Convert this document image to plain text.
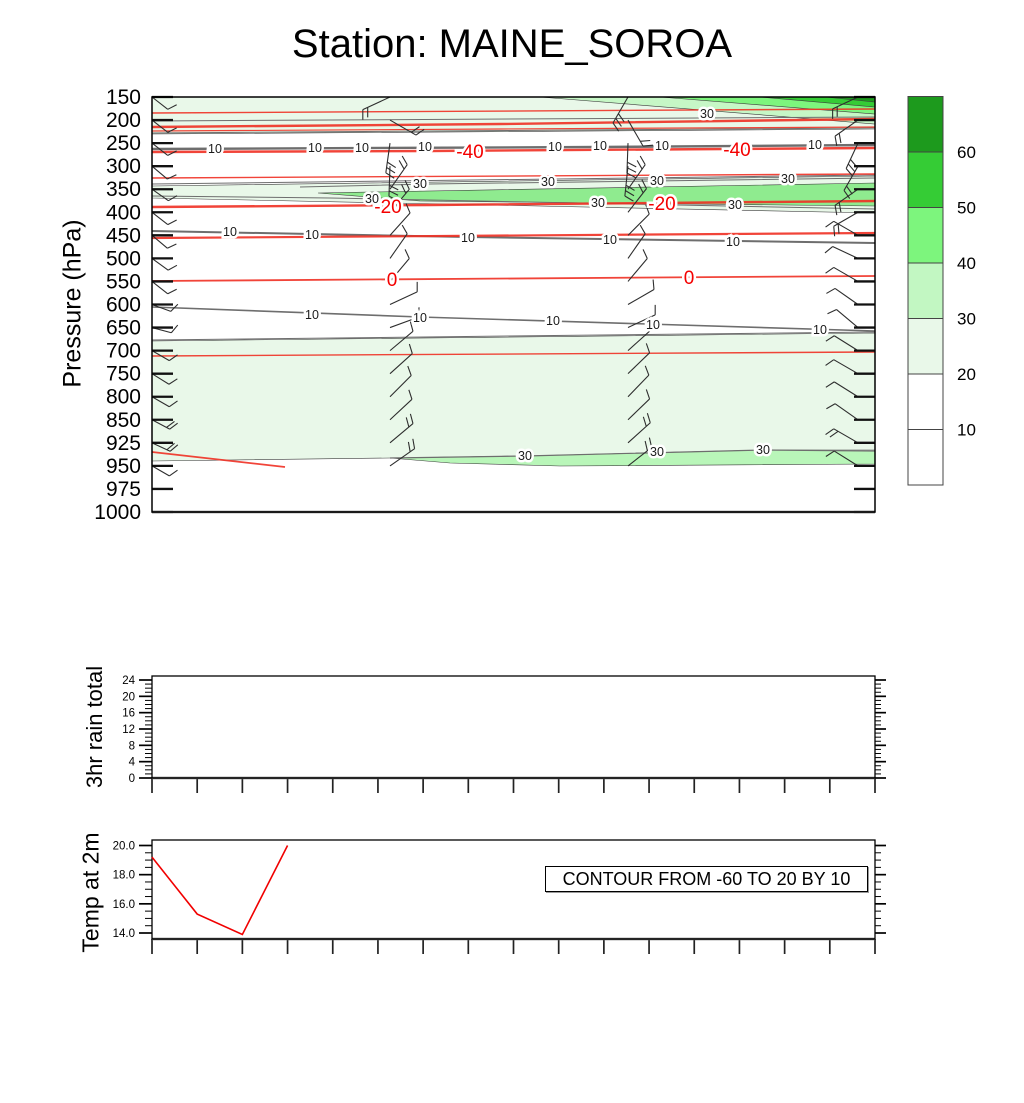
Station: MAINE_SOROA
Pressure (hPa)
3hr rain total
Temp at 2m
150
200
250
300
350
400
450
500
550
600
650
700
750
800
850
925
950
975
1000
10	10	10	10	10 10	10	10
30
30	30	30	30
30	30	30
10	10	10	10	10
10	10	10	10	10
30	30	30
-40	-40
-20	-20
0	0
10
20
30
40
50
60
0
4
8
12
16
20
24
14.0
16.0
18.0
20.0
CONTOUR FROM -60 TO 20 BY 10
